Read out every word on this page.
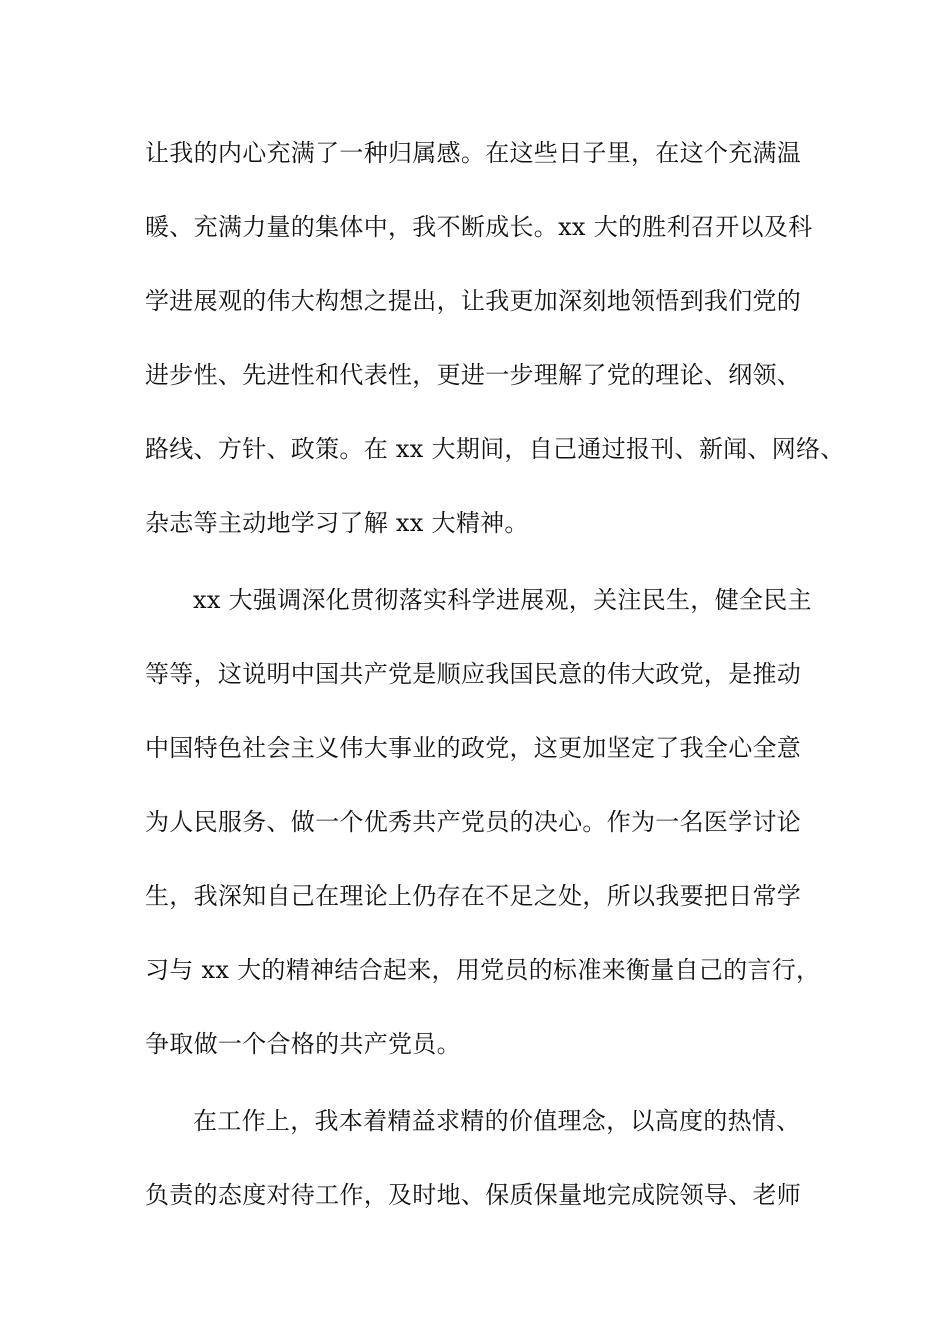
让我的内心充满了一种归属感。在这些日子里，在这个充满温
暖、充满力量的集体中，我不断成长。xx 大的胜利召开以及科
学进展观的伟大构想之提出，让我更加深刻地领悟到我们党的
进步性、先进性和代表性，更进一步理解了党的理论、纲领、
路线、方针、政策。在 xx 大期间，自己通过报刊、新闻、网络、
杂志等主动地学习了解 xx 大精神。
xx 大强调深化贯彻落实科学进展观，关注民生，健全民主
等等，这说明中国共产党是顺应我国民意的伟大政党，是推动
中国特色社会主义伟大事业的政党，这更加坚定了我全心全意
为人民服务、做一个优秀共产党员的决心。作为一名医学讨论
生，我深知自己在理论上仍存在不足之处，所以我要把日常学
习与 xx 大的精神结合起来，用党员的标准来衡量自己的言行，
争取做一个合格的共产党员。
在工作上，我本着精益求精的价值理念，以高度的热情、
负责的态度对待工作，及时地、保质保量地完成院领导、老师
